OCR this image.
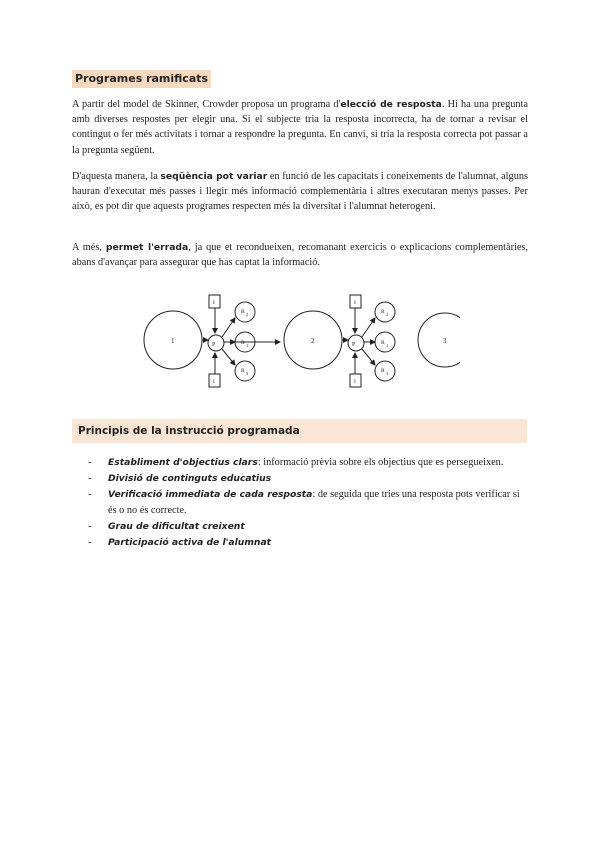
Programes ramificats
A partir del model de Skinner, Crowder proposa un programa d'elecció de resposta. Hi ha una pregunta amb diverses respostes per elegir una. Si el subjecte tria la resposta incorrecta, ha de tornar a revisar el contingut o fer més activitats i tornar a respondre la pregunta. En canvi, si tria la resposta correcta pot passar a la pregunta següent.
D'aquesta manera, la seqüència pot variar en funció de les capacitats i coneixements de l'alumnat, alguns hauran d'executar més passes i llegir més informació complementària i altres executaran menys passes. Per això, es pot dir que aquests programes respecten més la diversitat i l'alumnat heterogeni.
A més, permet l'errada, ja que et recondueixen, recomanant exercicis o explicacions complementàries, abans d'avançar para assegurar que has captat la informació.
1	P
I
I
R 2
R 1
R 3
2	P
I
I
R 2
R 1
R 3
3
Principis de la instrucció programada
- Establiment d'objectius clars: informació prèvia sobre els objectius que es persegueixen.
- Divisió de continguts educatius
- Verificació immediata de cada resposta: de seguida que tries una resposta pots verificar si és o no és correcte.
- Grau de dificultat creixent
- Participació activa de l'alumnat
